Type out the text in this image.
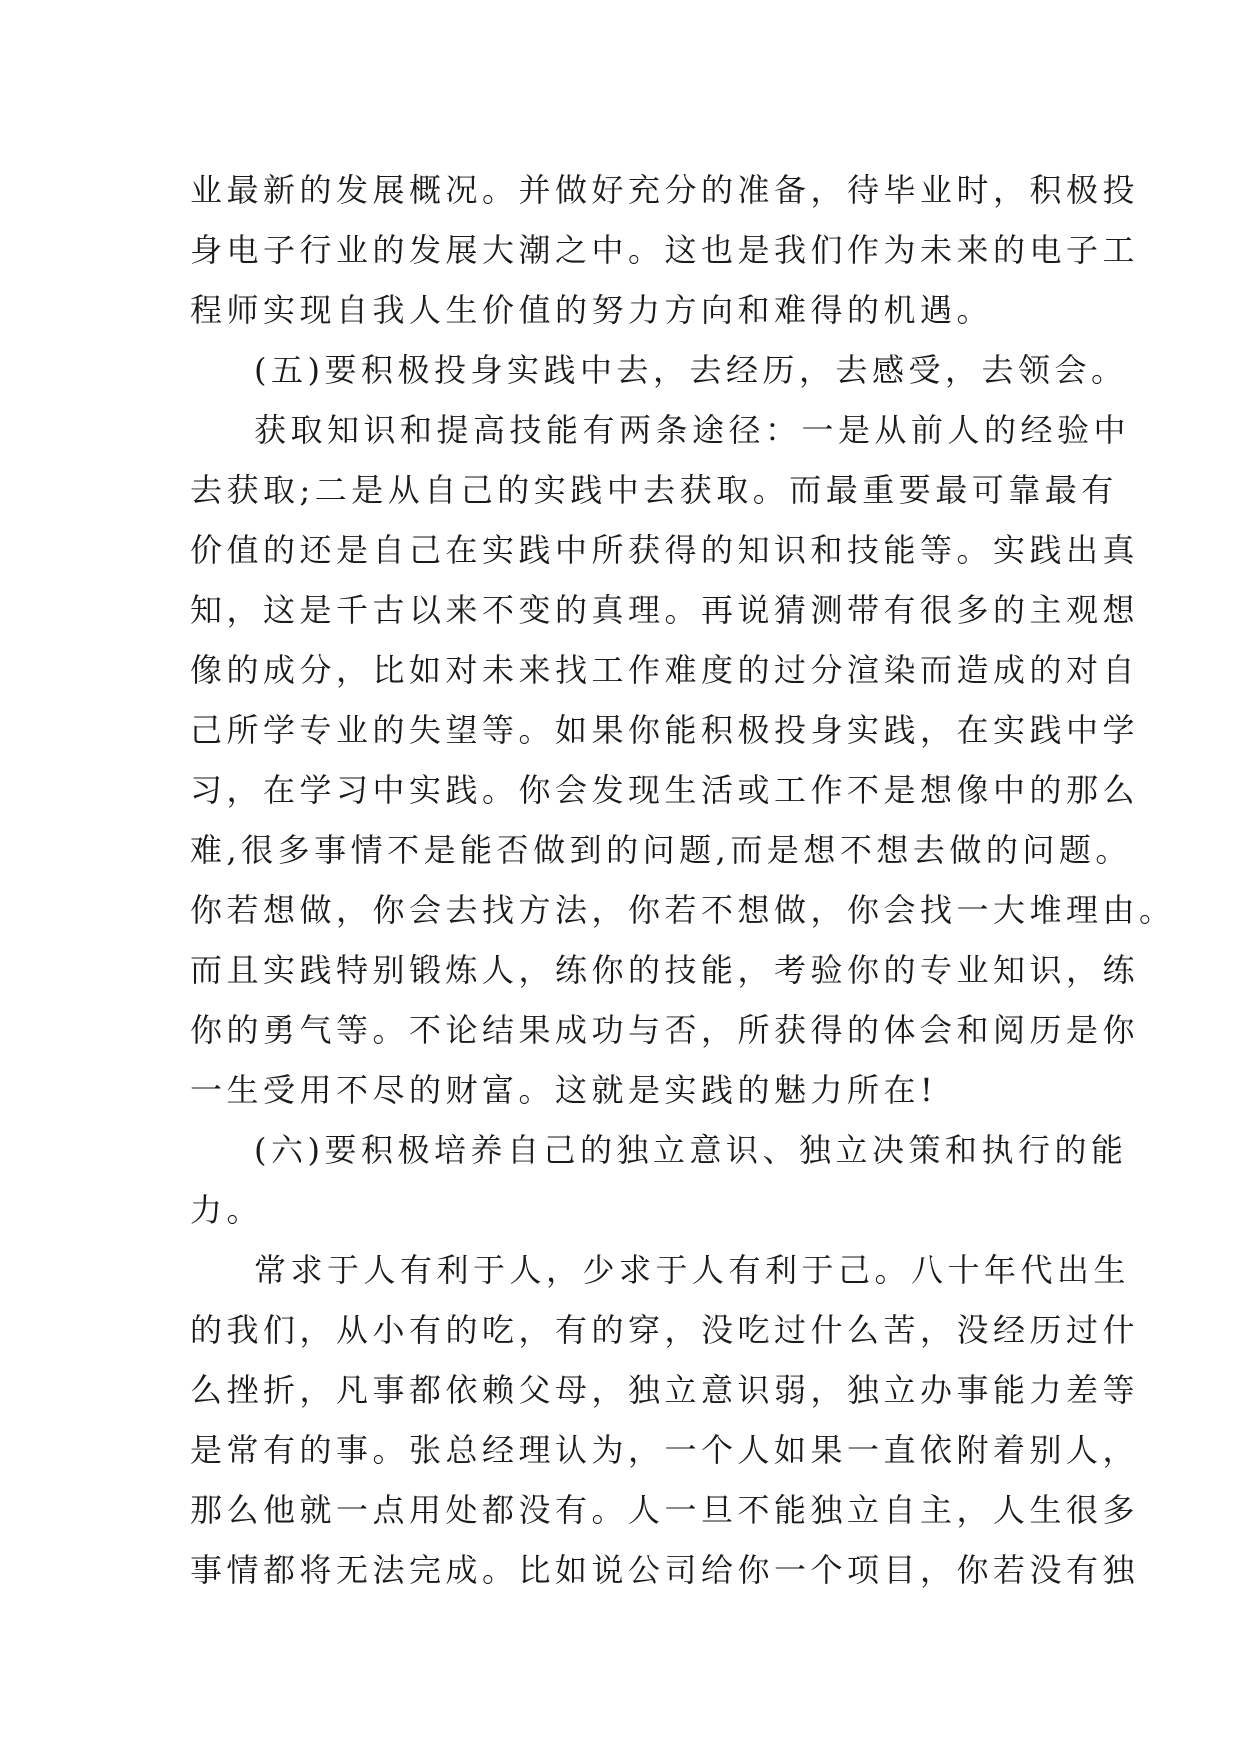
业最新的发展概况。并做好充分的准备，待毕业时，积极投
身电子行业的发展大潮之中。这也是我们作为未来的电子工
程师实现自我人生价值的努力方向和难得的机遇。
(五)要积极投身实践中去，去经历，去感受，去领会。
获取知识和提高技能有两条途径：一是从前人的经验中
去获取;二是从自己的实践中去获取。而最重要最可靠最有
价值的还是自己在实践中所获得的知识和技能等。实践出真
知，这是千古以来不变的真理。再说猜测带有很多的主观想
像的成分，比如对未来找工作难度的过分渲染而造成的对自
己所学专业的失望等。如果你能积极投身实践，在实践中学
习，在学习中实践。你会发现生活或工作不是想像中的那么
难,很多事情不是能否做到的问题,而是想不想去做的问题。
你若想做，你会去找方法，你若不想做，你会找一大堆理由。
而且实践特别锻炼人，练你的技能，考验你的专业知识，练
你的勇气等。不论结果成功与否，所获得的体会和阅历是你
一生受用不尽的财富。这就是实践的魅力所在!
(六)要积极培养自己的独立意识、独立决策和执行的能
力。
常求于人有利于人，少求于人有利于己。八十年代出生
的我们，从小有的吃，有的穿，没吃过什么苦，没经历过什
么挫折，凡事都依赖父母，独立意识弱，独立办事能力差等
是常有的事。张总经理认为，一个人如果一直依附着别人，
那么他就一点用处都没有。人一旦不能独立自主，人生很多
事情都将无法完成。比如说公司给你一个项目，你若没有独
